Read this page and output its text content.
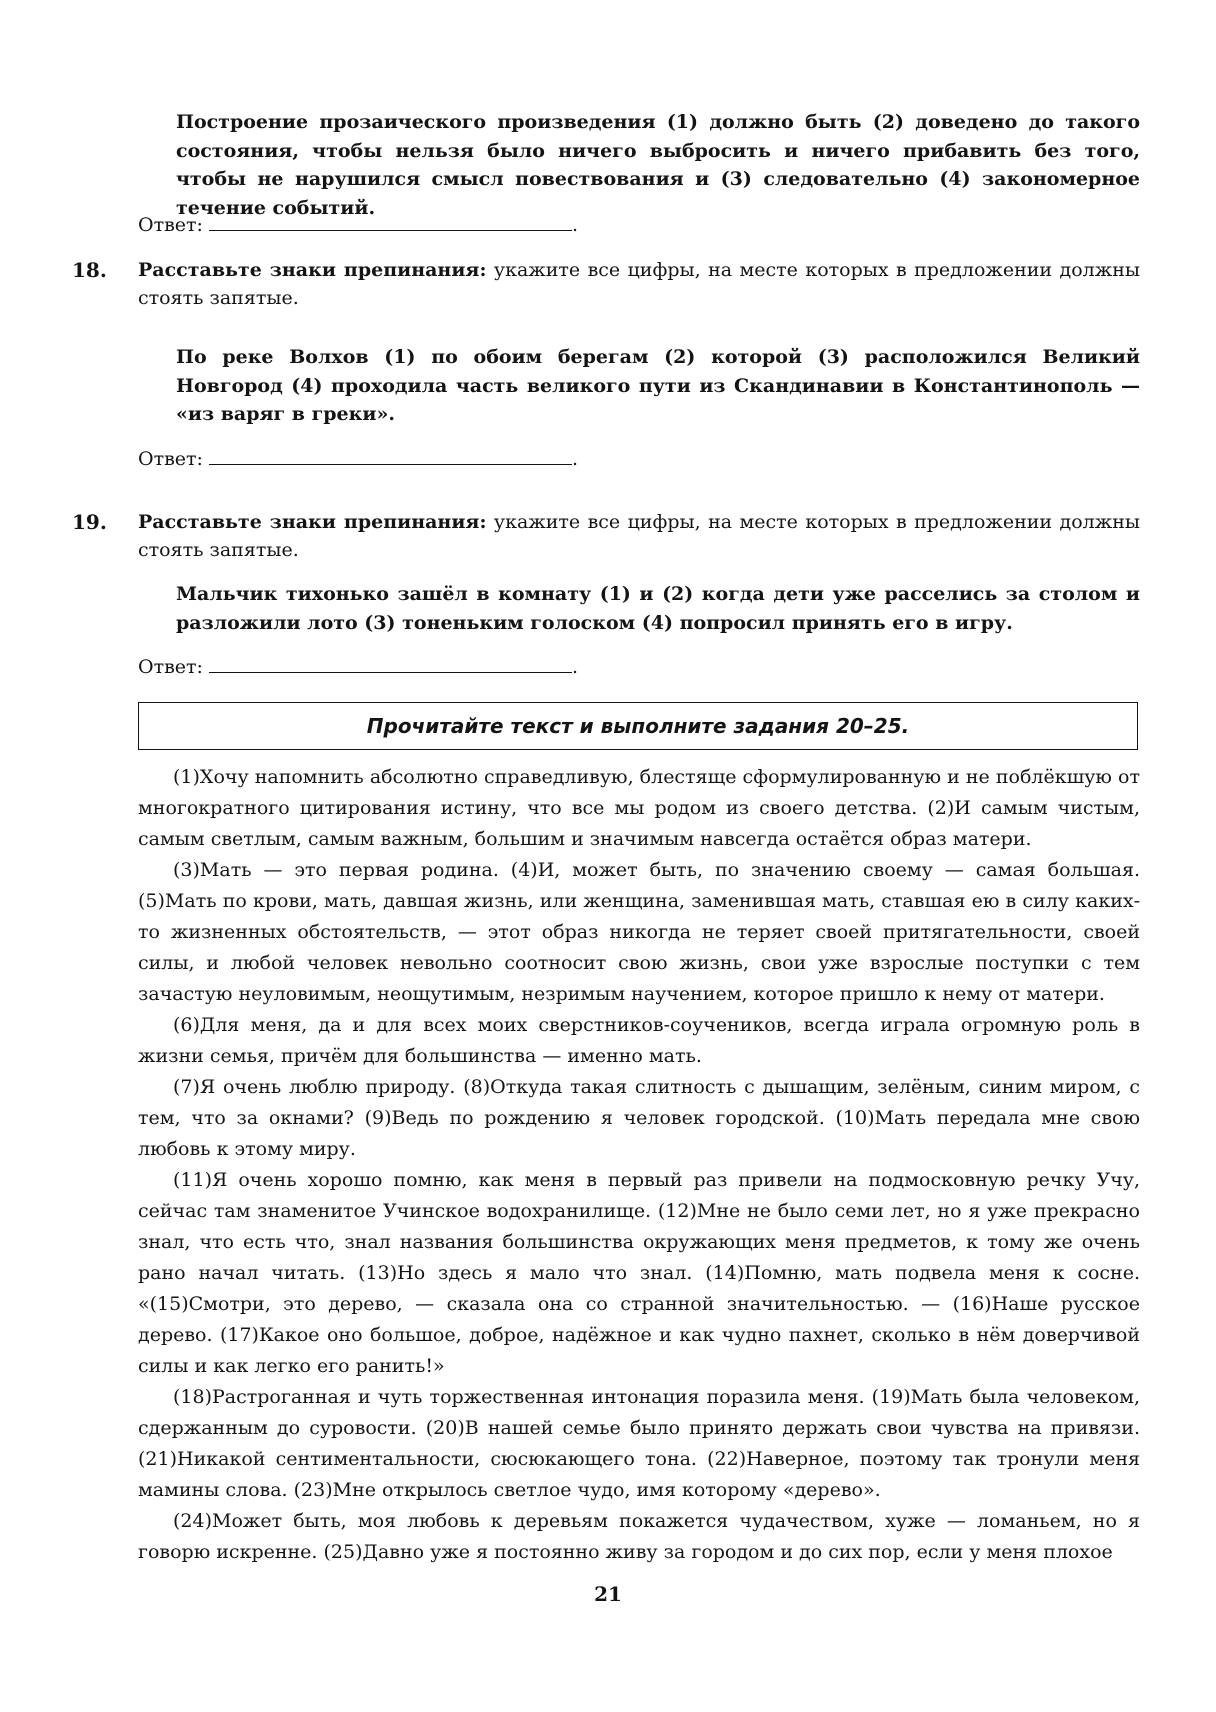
Построение прозаического произведения (1) должно быть (2) доведено до такого состояния, чтобы нельзя было ничего выбросить и ничего прибавить без того, чтобы не нарушился смысл повествования и (3) следовательно (4) закономерное течение событий.
Ответ:	.
18. Расставьте знаки препинания: укажите все цифры, на месте которых в предложении должны стоять запятые.
По реке Волхов (1) по обоим берегам (2) которой (3) расположился Великий Новгород (4) проходила часть великого пути из Скандинавии в Константинополь — «из варяг в греки».
Ответ:	.
19. Расставьте знаки препинания: укажите все цифры, на месте которых в предложении должны стоять запятые.
Мальчик тихонько зашёл в комнату (1) и (2) когда дети уже расселись за столом и разложили лото (3) тоненьким голоском (4) попросил принять его в игру.
Ответ:	.
Прочитайте текст и выполните задания 20–25.

(1)Хочу напомнить абсолютно справедливую, блестяще сформулированную и не поблёкшую от многократного цитирования истину, что все мы родом из своего детства. (2)И самым чистым, самым светлым, самым важным, большим и значимым навсегда остаётся образ матери.

(3)Мать — это первая родина. (4)И, может быть, по значению своему — самая большая. (5)Мать по крови, мать, давшая жизнь, или женщина, заменившая мать, ставшая ею в силу каких-то жизненных обстоятельств, — этот образ никогда не теряет своей притягательности, своей силы, и любой человек невольно соотносит свою жизнь, свои уже взрослые поступки с тем зачастую неуловимым, неощутимым, незримым научением, которое пришло к нему от матери.

(6)Для меня, да и для всех моих сверстников-соучеников, всегда играла огромную роль в жизни семья, причём для большинства — именно мать.

(7)Я очень люблю природу. (8)Откуда такая слитность с дышащим, зелёным, синим миром, с тем, что за окнами? (9)Ведь по рождению я человек городской. (10)Мать передала мне свою любовь к этому миру.

(11)Я очень хорошо помню, как меня в первый раз привели на подмосковную речку Учу, сейчас там знаменитое Учинское водохранилище. (12)Мне не было семи лет, но я уже прекрасно знал, что есть что, знал названия большинства окружающих меня предметов, к тому же очень рано начал читать. (13)Но здесь я мало что знал. (14)Помню, мать подвела меня к сосне. «(15)Смотри, это дерево, — сказала она со странной значительностью. — (16)Наше русское дерево. (17)Какое оно большое, доброе, надёжное и как чудно пахнет, сколько в нём доверчивой силы и как легко его ранить!»

(18)Растроганная и чуть торжественная интонация поразила меня. (19)Мать была человеком, сдержанным до суровости. (20)В нашей семье было принято держать свои чувства на привязи. (21)Никакой сентиментальности, сюсюкающего тона. (22)Наверное, поэтому так тронули меня мамины слова. (23)Мне открылось светлое чудо, имя которому «дерево».

(24)Может быть, моя любовь к деревьям покажется чудачеством, хуже — ломаньем, но я говорю искренне. (25)Давно уже я постоянно живу за городом и до сих пор, если у меня плохое

21
